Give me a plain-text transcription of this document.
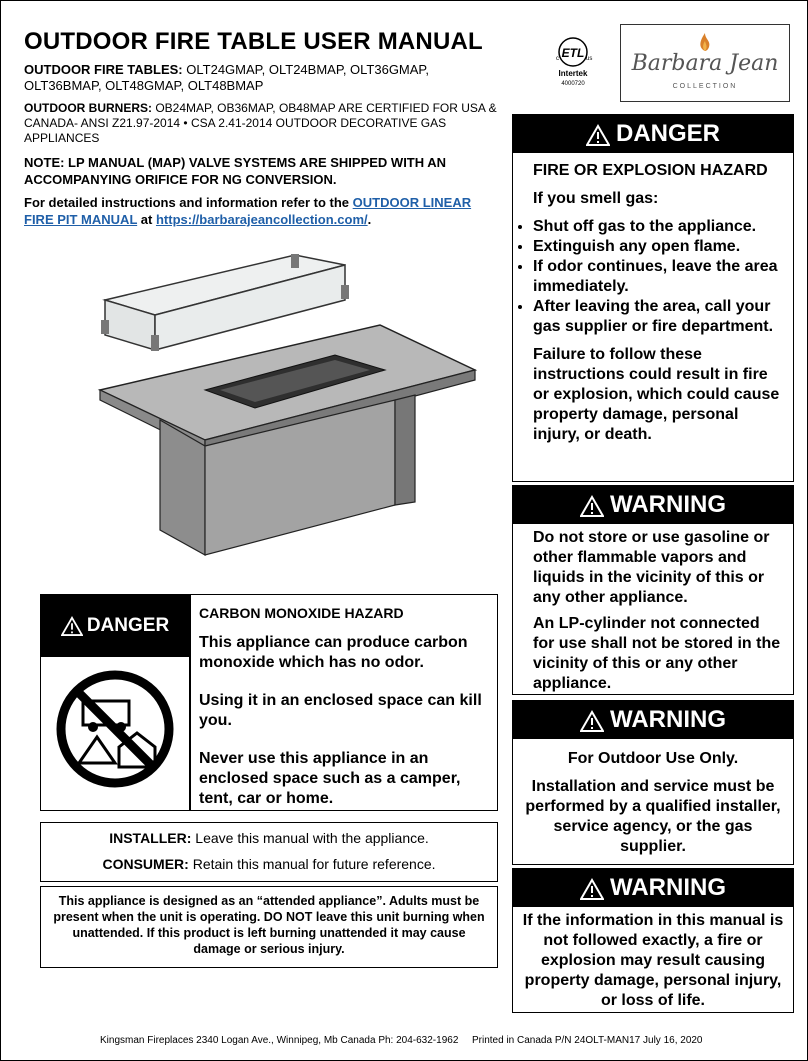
OUTDOOR FIRE TABLE USER MANUAL
OUTDOOR FIRE TABLES: OLT24GMAP, OLT24BMAP, OLT36GMAP, OLT36BMAP, OLT48GMAP, OLT48BMAP
OUTDOOR BURNERS: OB24MAP, OB36MAP, OB48MAP ARE CERTIFIED FOR USA & CANADA- ANSI Z21.97-2014 • CSA 2.41-2014 OUTDOOR DECORATIVE GAS APPLIANCES
NOTE: LP MANUAL (MAP) VALVE SYSTEMS ARE SHIPPED WITH AN ACCOMPANYING ORIFICE FOR NG CONVERSION.
For detailed instructions and information refer to the OUTDOOR LINEAR FIRE PIT MANUAL at https://barbarajeancollection.com/.
ETL
c	us
Intertek
4000720
Barbara Jean
COLLECTION
DANGER
FIRE OR EXPLOSION HAZARD
If you smell gas:
• Shut off gas to the appliance.
• Extinguish any open flame.
• If odor continues, leave the area immediately.
• After leaving the area, call your gas supplier or fire department.
Failure to follow these instructions could result in fire or explosion, which could cause property damage, personal injury, or death.
WARNING
Do not store or use gasoline or other flammable vapors and liquids in the vicinity of this or any other appliance.
An LP-cylinder not connected for use shall not be stored in the vicinity of this or any other appliance.
WARNING
For Outdoor Use Only.
Installation and service must be performed by a qualified installer, service agency, or the gas supplier.
WARNING
If the information in this manual is not followed exactly, a fire or explosion may result causing property damage, personal injury, or loss of life.
DANGER
CARBON MONOXIDE HAZARD
This appliance can produce carbon monoxide which has no odor.
Using it in an enclosed space can kill you.
Never use this appliance in an enclosed space such as a camper, tent, car or home.
INSTALLER: Leave this manual with the appliance.
CONSUMER: Retain this manual for future reference.
This appliance is designed as an “attended appliance”. Adults must be present when the unit is operating. DO NOT leave this unit burning when unattended. If this product is left burning unattended it may cause damage or serious injury.
Kingsman Fireplaces 2340 Logan Ave., Winnipeg, Mb Canada Ph: 204-632-1962 Printed in Canada P/N 24OLT-MAN17 July 16, 2020
